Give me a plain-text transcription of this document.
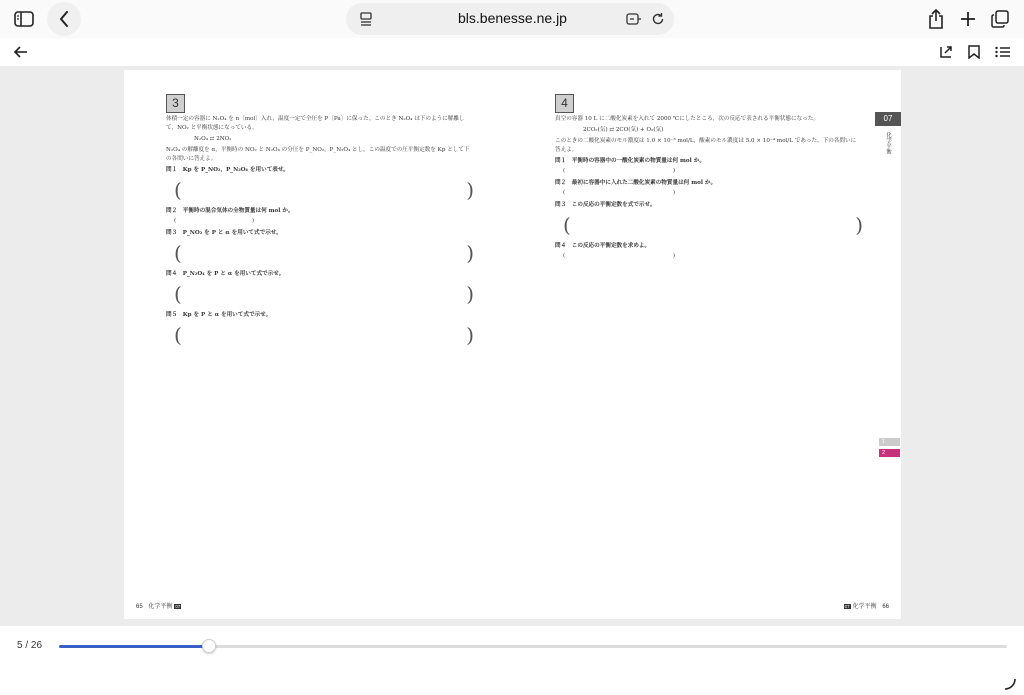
bls.benesse.ne.jp
3
体積一定の容器に N₂O₄ を n〔mol〕入れ，温度一定で全圧を P〔Pa〕に保った。このとき N₂O₄ は下のように解離して，NO₂ と平衡状態になっている。
N₂O₄ ⇄ 2NO₂
N₂O₄ の解離度を α，平衡時の NO₂ と N₂O₄ の分圧を P_NO₂，P_N₂O₄ とし，この温度での圧平衡定数を Kp として下の各問いに答えよ。
問１　Kp を P_NO₂，P_N₂O₄ を用いて表せ。
(	)
問２　平衡時の混合気体の全物質量は何 mol か。
(	)
問３　P_NO₂ を P と α を用いて式で示せ。
(	)
問４　P_N₂O₄ を P と α を用いて式で示せ。
(	)
問５　Kp を P と α を用いて式で示せ。
(	)
4
真空の容器 10 L に二酸化炭素を入れて 2000 ℃にしたところ，次の反応で表される平衡状態になった。
2CO₂(気) ⇄ 2CO(気) + O₂(気)
このときの二酸化炭素のモル濃度は 1.0 × 10⁻³ mol/L，酸素のモル濃度は 5.0 × 10⁻⁴ mol/L であった。下の各問いに答えよ。
問１　平衡時の容器中の一酸化炭素の物質量は何 mol か。
(	)
問２　最初に容器中に入れた二酸化炭素の物質量は何 mol か。
(	)
問３　この反応の平衡定数を式で示せ。
(	)
問４　この反応の平衡定数を求めよ。
(	)
07
化学平衡
1
2
65 化学平衡 07	07 化学平衡 66
5 / 26
